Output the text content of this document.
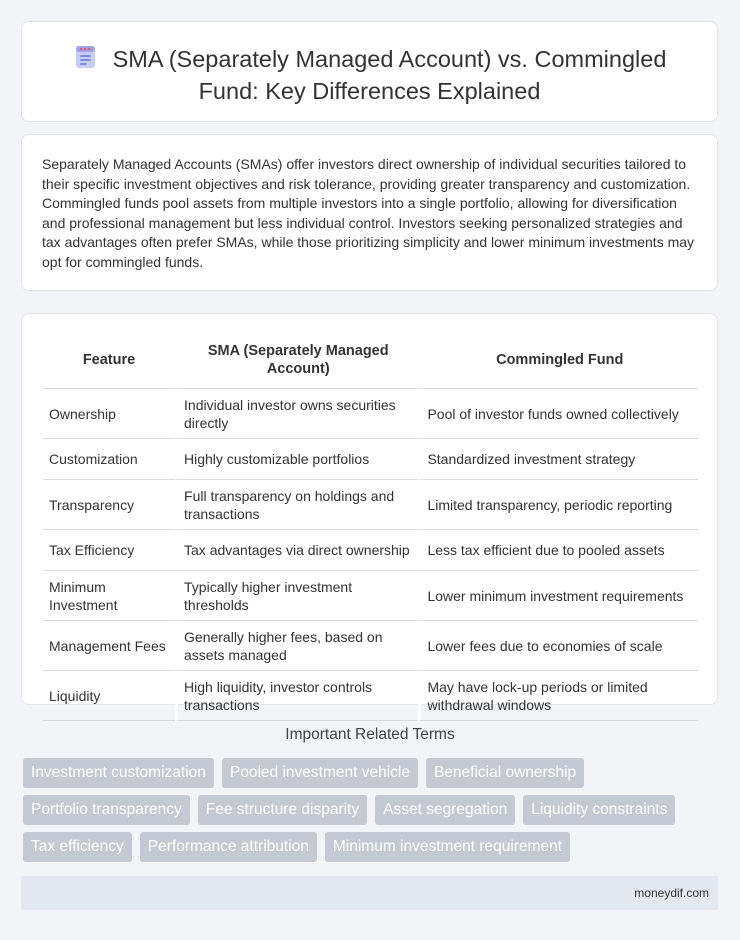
SMA (Separately Managed Account) vs. Commingled Fund: Key Differences Explained

Separately Managed Accounts (SMAs) offer investors direct ownership of individual securities tailored to their specific investment objectives and risk tolerance, providing greater transparency and customization. Commingled funds pool assets from multiple investors into a single portfolio, allowing for diversification and professional management but less individual control. Investors seeking personalized strategies and tax advantages often prefer SMAs, while those prioritizing simplicity and lower minimum investments may opt for commingled funds.

Feature	SMA (Separately Managed Account)	Commingled Fund
Ownership	Individual investor owns securities directly	Pool of investor funds owned collectively
Customization	Highly customizable portfolios	Standardized investment strategy
Transparency	Full transparency on holdings and transactions	Limited transparency, periodic reporting
Tax Efficiency	Tax advantages via direct ownership	Less tax efficient due to pooled assets
Minimum Investment	Typically higher investment thresholds	Lower minimum investment requirements
Management Fees	Generally higher fees, based on assets managed	Lower fees due to economies of scale
Liquidity	High liquidity, investor controls transactions	May have lock-up periods or limited withdrawal windows
Important Related Terms
Investment customization	Pooled investment vehicle	Beneficial ownership
Portfolio transparency	Fee structure disparity	Asset segregation	Liquidity constraints
Tax efficiency	Performance attribution	Minimum investment requirement
moneydif.com
